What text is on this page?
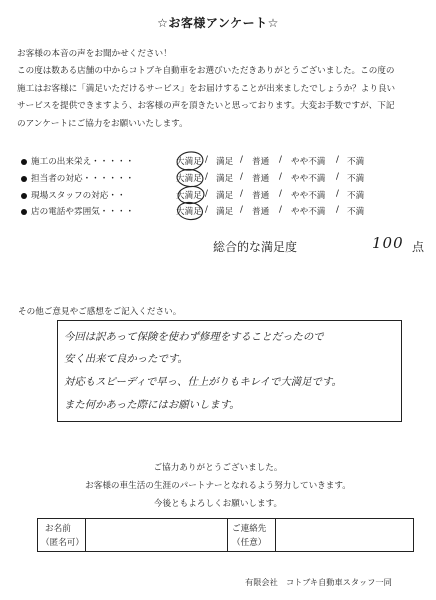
☆お客様アンケート☆
お客様の本音の声をお聞かせください！
この度は数ある店舗の中からコトブキ自動車をお選びいただきありがとうございました。この度の
施工はお客様に「満足いただけるサービス」をお届けすることが出来ましたでしょうか？より良い
サービスを提供できますよう、お客様の声を頂きたいと思っております。大変お手数ですが、下記
のアンケートにご協力をお願いいたします。
施工の出来栄え・・・・・	大満足 / 満足 / 普通 / やや不満 / 不満
担当者の対応・・・・・・	大満足 / 満足 / 普通 / やや不満 / 不満
現場スタッフの対応・・	大満足 / 満足 / 普通 / やや不満 / 不満
店の電話や雰囲気・・・・	大満足 / 満足 / 普通 / やや不満 / 不満
総合的な満足度	100 点
その他ご意見やご感想をご記入ください。
今回は訳あって保険を使わず修理をすることだったので
安く出来て良かったです。
対応もスピーディで早っ、仕上がりもキレイで大満足です。
また何かあった際にはお願いします。
ご協力ありがとうございました。
お客様の車生活の生涯のパートナーとなれるよう努力していきます。
今後ともよろしくお願いします。
お名前
（匿名可）
ご連絡先
（任意）
有限会社　コトブキ自動車スタッフ一同
